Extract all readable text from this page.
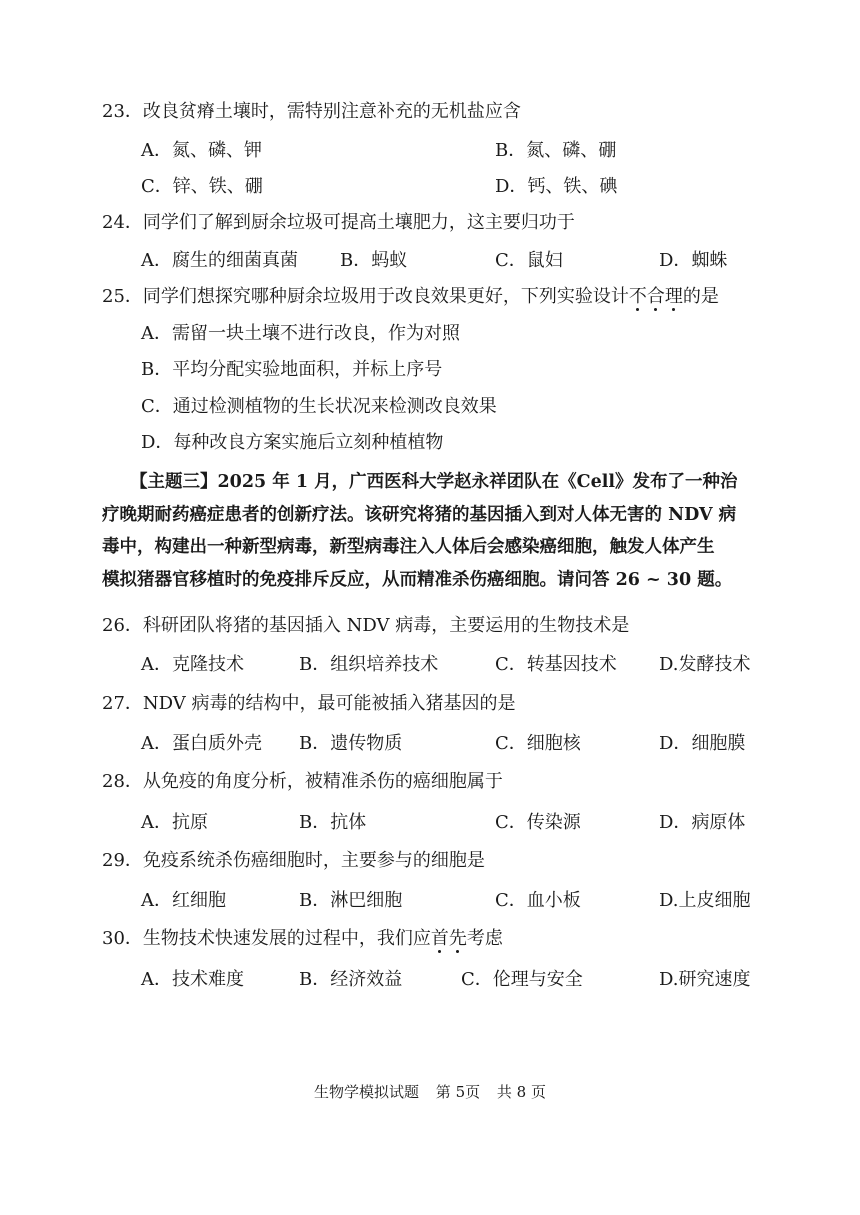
23．改良贫瘠土壤时，需特别注意补充的无机盐应含
A．氮、磷、钾	B．氮、磷、硼
C．锌、铁、硼	D．钙、铁、碘
24．同学们了解到厨余垃圾可提高土壤肥力，这主要归功于
A．腐生的细菌真菌 B．蚂蚁	C．鼠妇	D．蜘蛛
25．同学们想探究哪种厨余垃圾用于改良效果更好，下列实验设计不合理的是
A．需留一块土壤不进行改良，作为对照
B．平均分配实验地面积，并标上序号
C．通过检测植物的生长状况来检测改良效果
D．每种改良方案实施后立刻种植植物
【主题三】2025 年 1 月，广西医科大学赵永祥团队在《Cell》发布了一种治
疗晚期耐药癌症患者的创新疗法。该研究将猪的基因插入到对人体无害的 NDV 病
毒中，构建出一种新型病毒，新型病毒注入人体后会感染癌细胞，触发人体产生
模拟猪器官移植时的免疫排斥反应，从而精准杀伤癌细胞。请问答 26 ~ 30 题。
26．科研团队将猪的基因插入 NDV 病毒，主要运用的生物技术是
A．克隆技术	B．组织培养技术	C．转基因技术 D.发酵技术
27．NDV 病毒的结构中，最可能被插入猪基因的是
A．蛋白质外壳 B．遗传物质	C．细胞核	D．细胞膜
28．从免疫的角度分析，被精准杀伤的癌细胞属于
A．抗原	B．抗体	C．传染源	D．病原体
29．免疫系统杀伤癌细胞时，主要参与的细胞是
A．红细胞	B．淋巴细胞	C．血小板	D.上皮细胞
30．生物技术快速发展的过程中，我们应首先考虑
A．技术难度	B．经济效益	C．伦理与安全	D.研究速度
生物学模拟试题 第 5页 共 8 页
